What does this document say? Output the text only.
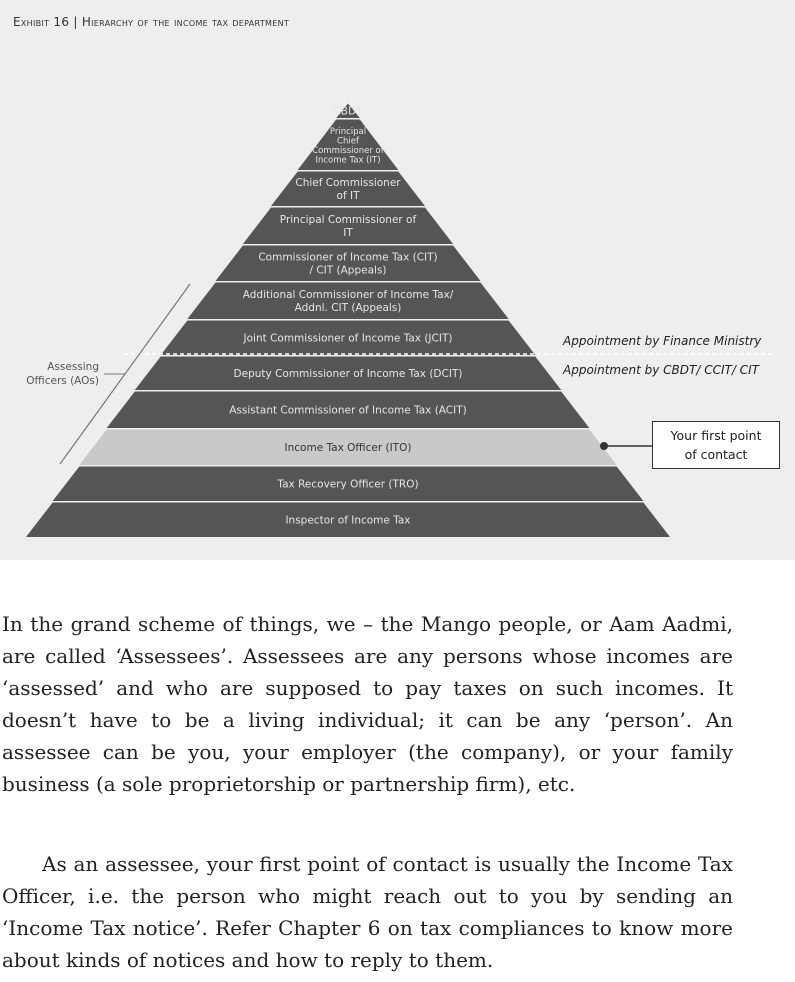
Exhibit 16 | Hierarchy of the income tax department
CBDT
Principal
Chief
Commissioner of
Income Tax (IT)
Chief Commissioner
of IT
Principal Commissioner of
IT
Commissioner of Income Tax (CIT)
/ CIT (Appeals)
Additional Commissioner of Income Tax/
Addnl. CIT (Appeals)
Joint Commissioner of Income Tax (JCIT)
Deputy Commissioner of Income Tax (DCIT)
Assistant Commissioner of Income Tax (ACIT)
Income Tax Officer (ITO)
Tax Recovery Officer (TRO)
Inspector of Income Tax
Assessing
Officers (AOs)
Appointment by Finance Ministry
Appointment by CBDT/ CCIT/ CIT
Your first point
of contact

In the grand scheme of things, we – the Mango people, or Aam Aadmi, are called ‘Assessees’. Assessees are any persons whose incomes are ‘assessed’ and who are supposed to pay taxes on such incomes. It doesn’t have to be a living individual; it can be any ‘person’. An assessee can be you, your employer (the company), or your family business (a sole proprietorship or partnership firm), etc.

As an assessee, your first point of contact is usually the Income Tax Officer, i.e. the person who might reach out to you by sending an ‘Income Tax notice’. Refer Chapter 6 on tax compliances to know more about kinds of notices and how to reply to them.
